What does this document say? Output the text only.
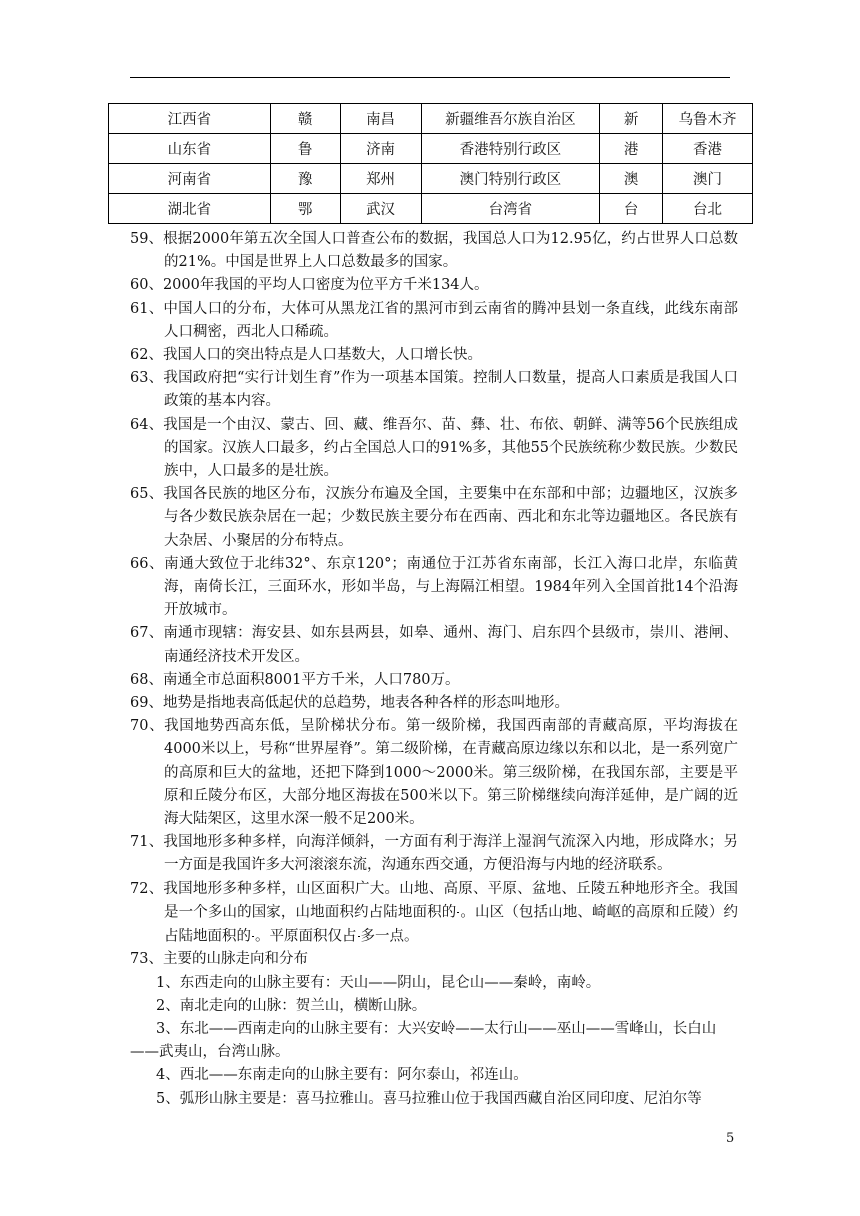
江西省	赣	南昌	新疆维吾尔族自治区	新	乌鲁木齐
山东省	鲁	济南	香港特别行政区	港	香港
河南省	豫	郑州	澳门特别行政区	澳	澳门
湖北省	鄂	武汉	台湾省	台	台北

59、根据2000年第五次全国人口普查公布的数据，我国总人口为12.95亿，约占世界人口总数的21%。中国是世界上人口总数最多的国家。

60、2000年我国的平均人口密度为位平方千米134人。

61、中国人口的分布，大体可从黑龙江省的黑河市到云南省的腾冲县划一条直线，此线东南部人口稠密，西北人口稀疏。

62、我国人口的突出特点是人口基数大，人口增长快。

63、我国政府把“实行计划生育”作为一项基本国策。控制人口数量，提高人口素质是我国人口政策的基本内容。

64、我国是一个由汉、蒙古、回、藏、维吾尔、苗、彝、壮、布依、朝鲜、满等56个民族组成的国家。汉族人口最多，约占全国总人口的91%多，其他55个民族统称少数民族。少数民族中，人口最多的是壮族。

65、我国各民族的地区分布，汉族分布遍及全国，主要集中在东部和中部；边疆地区，汉族多与各少数民族杂居在一起；少数民族主要分布在西南、西北和东北等边疆地区。各民族有大杂居、小聚居的分布特点。

66、南通大致位于北纬32°、东京120°；南通位于江苏省东南部，长江入海口北岸，东临黄海，南倚长江，三面环水，形如半岛，与上海隔江相望。1984年列入全国首批14个沿海开放城市。

67、南通市现辖：海安县、如东县两县，如皋、通州、海门、启东四个县级市，崇川、港闸、南通经济技术开发区。

68、南通全市总面积8001平方千米，人口780万。

69、地势是指地表高低起伏的总趋势，地表各种各样的形态叫地形。

70、我国地势西高东低，呈阶梯状分布。第一级阶梯，我国西南部的青藏高原，平均海拔在4000米以上，号称“世界屋脊”。第二级阶梯，在青藏高原边缘以东和以北，是一系列宽广的高原和巨大的盆地，还把下降到1000～2000米。第三级阶梯，在我国东部，主要是平原和丘陵分布区，大部分地区海拔在500米以下。第三阶梯继续向海洋延伸，是广阔的近海大陆架区，这里水深一般不足200米。

71、我国地形多种多样，向海洋倾斜，一方面有利于海洋上湿润气流深入内地，形成降水；另一方面是我国许多大河滚滚东流，沟通东西交通，方便沿海与内地的经济联系。

72、我国地形多种多样，山区面积广大。山地、高原、平原、盆地、丘陵五种地形齐全。我国是一个多山的国家，山地面积约占陆地面积的 。山区（包括山地、崎岖的高原和丘陵）约占陆地面积的 。平原面积仅占 多一点。

73、主要的山脉走向和分布

1、东西走向的山脉主要有：天山——阴山，昆仑山——秦岭，南岭。

2、南北走向的山脉：贺兰山，横断山脉。

3、东北——西南走向的山脉主要有：大兴安岭——太行山——巫山——雪峰山，长白山——武夷山，台湾山脉。

4、西北——东南走向的山脉主要有：阿尔泰山，祁连山。

5、弧形山脉主要是：喜马拉雅山。喜马拉雅山位于我国西藏自治区同印度、尼泊尔等

5
